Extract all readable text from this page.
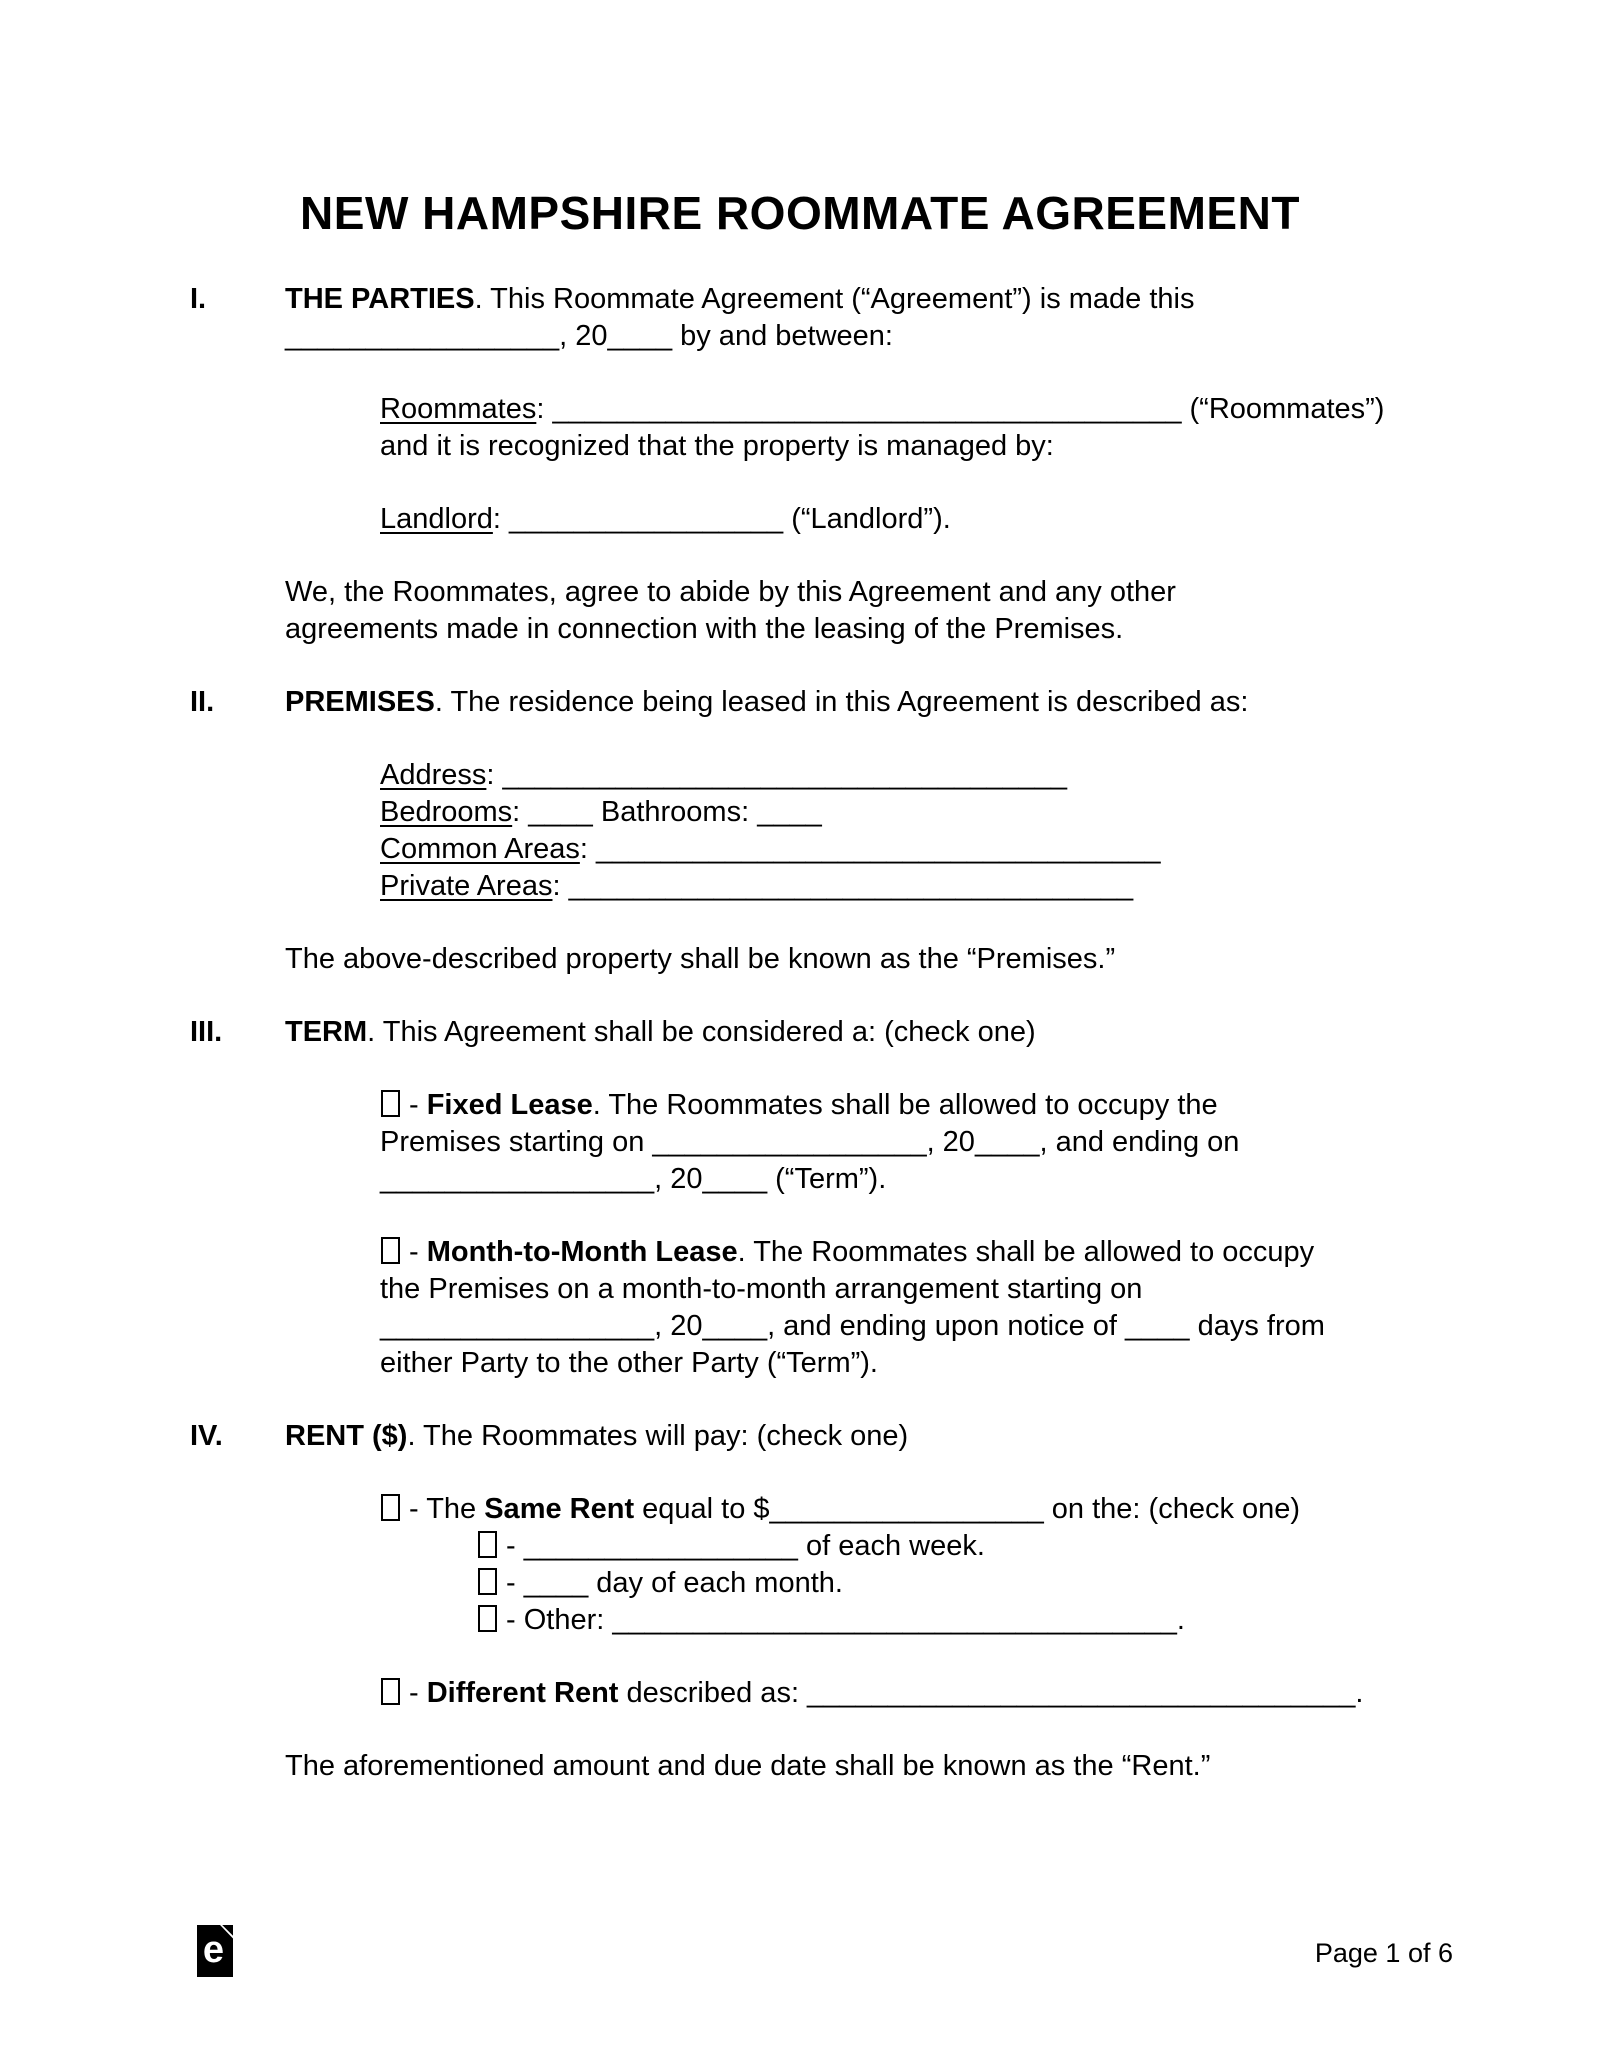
NEW HAMPSHIRE ROOMMATE AGREEMENT
I.	THE PARTIES. This Roommate Agreement (“Agreement”) is made this
_________________, 20____ by and between:
Roommates: _______________________________________ (“Roommates”)
and it is recognized that the property is managed by:
Landlord: _________________ (“Landlord”).
We, the Roommates, agree to abide by this Agreement and any other
agreements made in connection with the leasing of the Premises.
II.	PREMISES. The residence being leased in this Agreement is described as:
Address: ___________________________________
Bedrooms: ____ Bathrooms: ____
Common Areas: ___________________________________
Private Areas: ___________________________________
The above-described property shall be known as the “Premises.”
III.	TERM. This Agreement shall be considered a: (check one)
- Fixed Lease. The Roommates shall be allowed to occupy the
Premises starting on _________________, 20____, and ending on
_________________, 20____ (“Term”).
- Month-to-Month Lease. The Roommates shall be allowed to occupy
the Premises on a month-to-month arrangement starting on
_________________, 20____, and ending upon notice of ____ days from
either Party to the other Party (“Term”).
IV.	RENT ($). The Roommates will pay: (check one)
- The Same Rent equal to $_________________ on the: (check one)
- _________________ of each week.
- ____ day of each month.
- Other: ___________________________________.
- Different Rent described as: __________________________________.
The aforementioned amount and due date shall be known as the “Rent.”
e	Page 1 of 6
